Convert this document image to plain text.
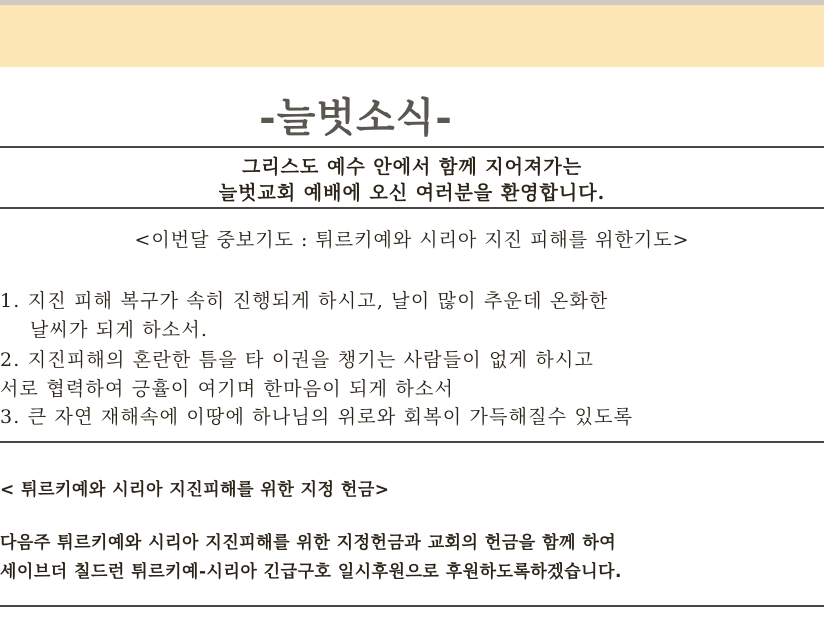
-늘벗소식-
그리스도 예수 안에서 함께 지어져가는
늘벗교회 예배에 오신 여러분을 환영합니다.
<이번달 중보기도 : 튀르키예와 시리아 지진 피해를 위한기도>
1. 지진 피해 복구가 속히 진행되게 하시고, 날이 많이 추운데 온화한
날씨가 되게 하소서.
2. 지진피해의 혼란한 틈을 타 이권을 챙기는 사람들이 없게 하시고
서로 협력하여 긍휼이 여기며 한마음이 되게 하소서
3. 큰 자연 재해속에 이땅에 하나님의 위로와 회복이 가득해질수 있도록
< 튀르키예와 시리아 지진피해를 위한 지정 헌금>
다음주 튀르키예와 시리아 지진피해를 위한 지정헌금과 교회의 헌금을 함께 하여
세이브더 칠드런 튀르키예-시리아 긴급구호 일시후원으로 후원하도록하겠습니다.
